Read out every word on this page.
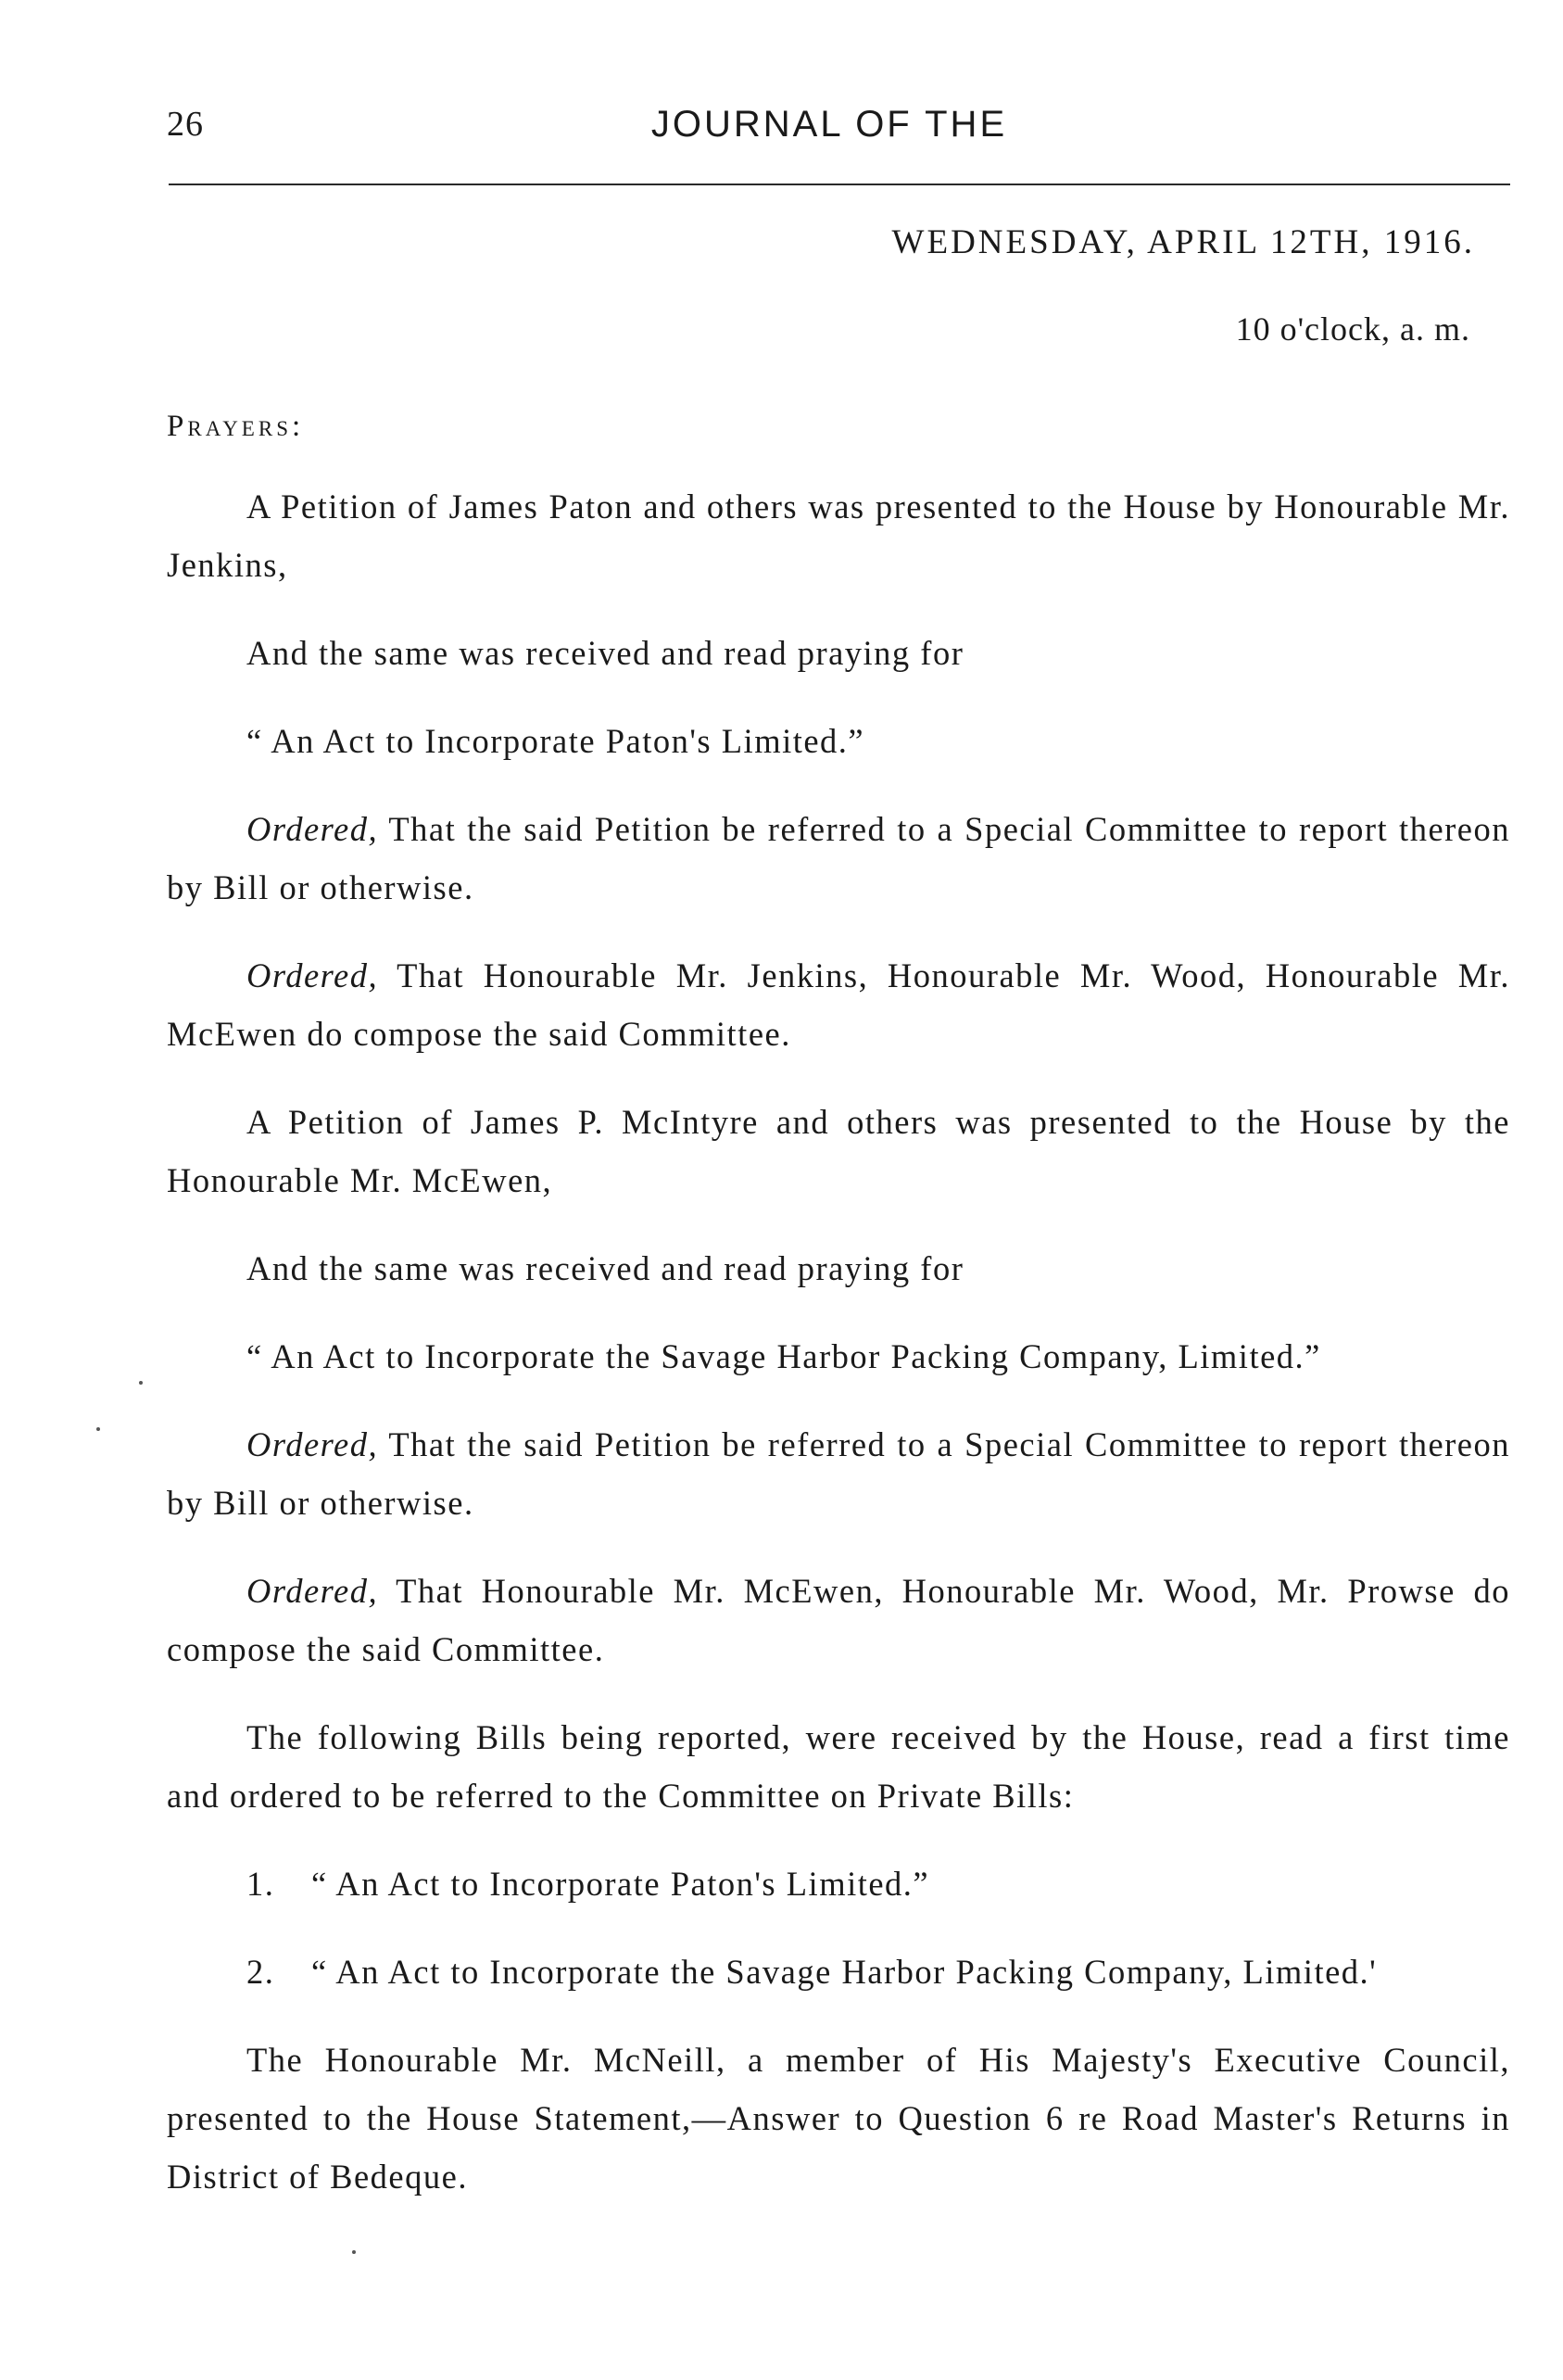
26	JOURNAL OF THE
WEDNESDAY, APRIL 12TH, 1916.
10 o'clock, a. m.
Prayers:

A Petition of James Paton and others was presented to the House by Honourable Mr. Jenkins,

And the same was received and read praying for

“ An Act to Incorporate Paton's Limited.”

Ordered, That the said Petition be referred to a Special Committee to report thereon by Bill or otherwise.

Ordered, That Honourable Mr. Jenkins, Honourable Mr. Wood, Honourable Mr. McEwen do compose the said Committee.

A Petition of James P. McIntyre and others was presented to the House by the Honourable Mr. McEwen,

And the same was received and read praying for

“ An Act to Incorporate the Savage Harbor Packing Company, Limited.”

Ordered, That the said Petition be referred to a Special Committee to report thereon by Bill or otherwise.

Ordered, That Honourable Mr. McEwen, Honourable Mr. Wood, Mr. Prowse do compose the said Committee.

The following Bills being reported, were received by the House, read a first time and ordered to be referred to the Committee on Private Bills:

1. “ An Act to Incorporate Paton's Limited.”

2. “ An Act to Incorporate the Savage Harbor Packing Company, Limited.'

The Honourable Mr. McNeill, a member of His Majesty's Executive Council, presented to the House Statement,—Answer to Question 6 re Road Master's Returns in District of Bedeque.
